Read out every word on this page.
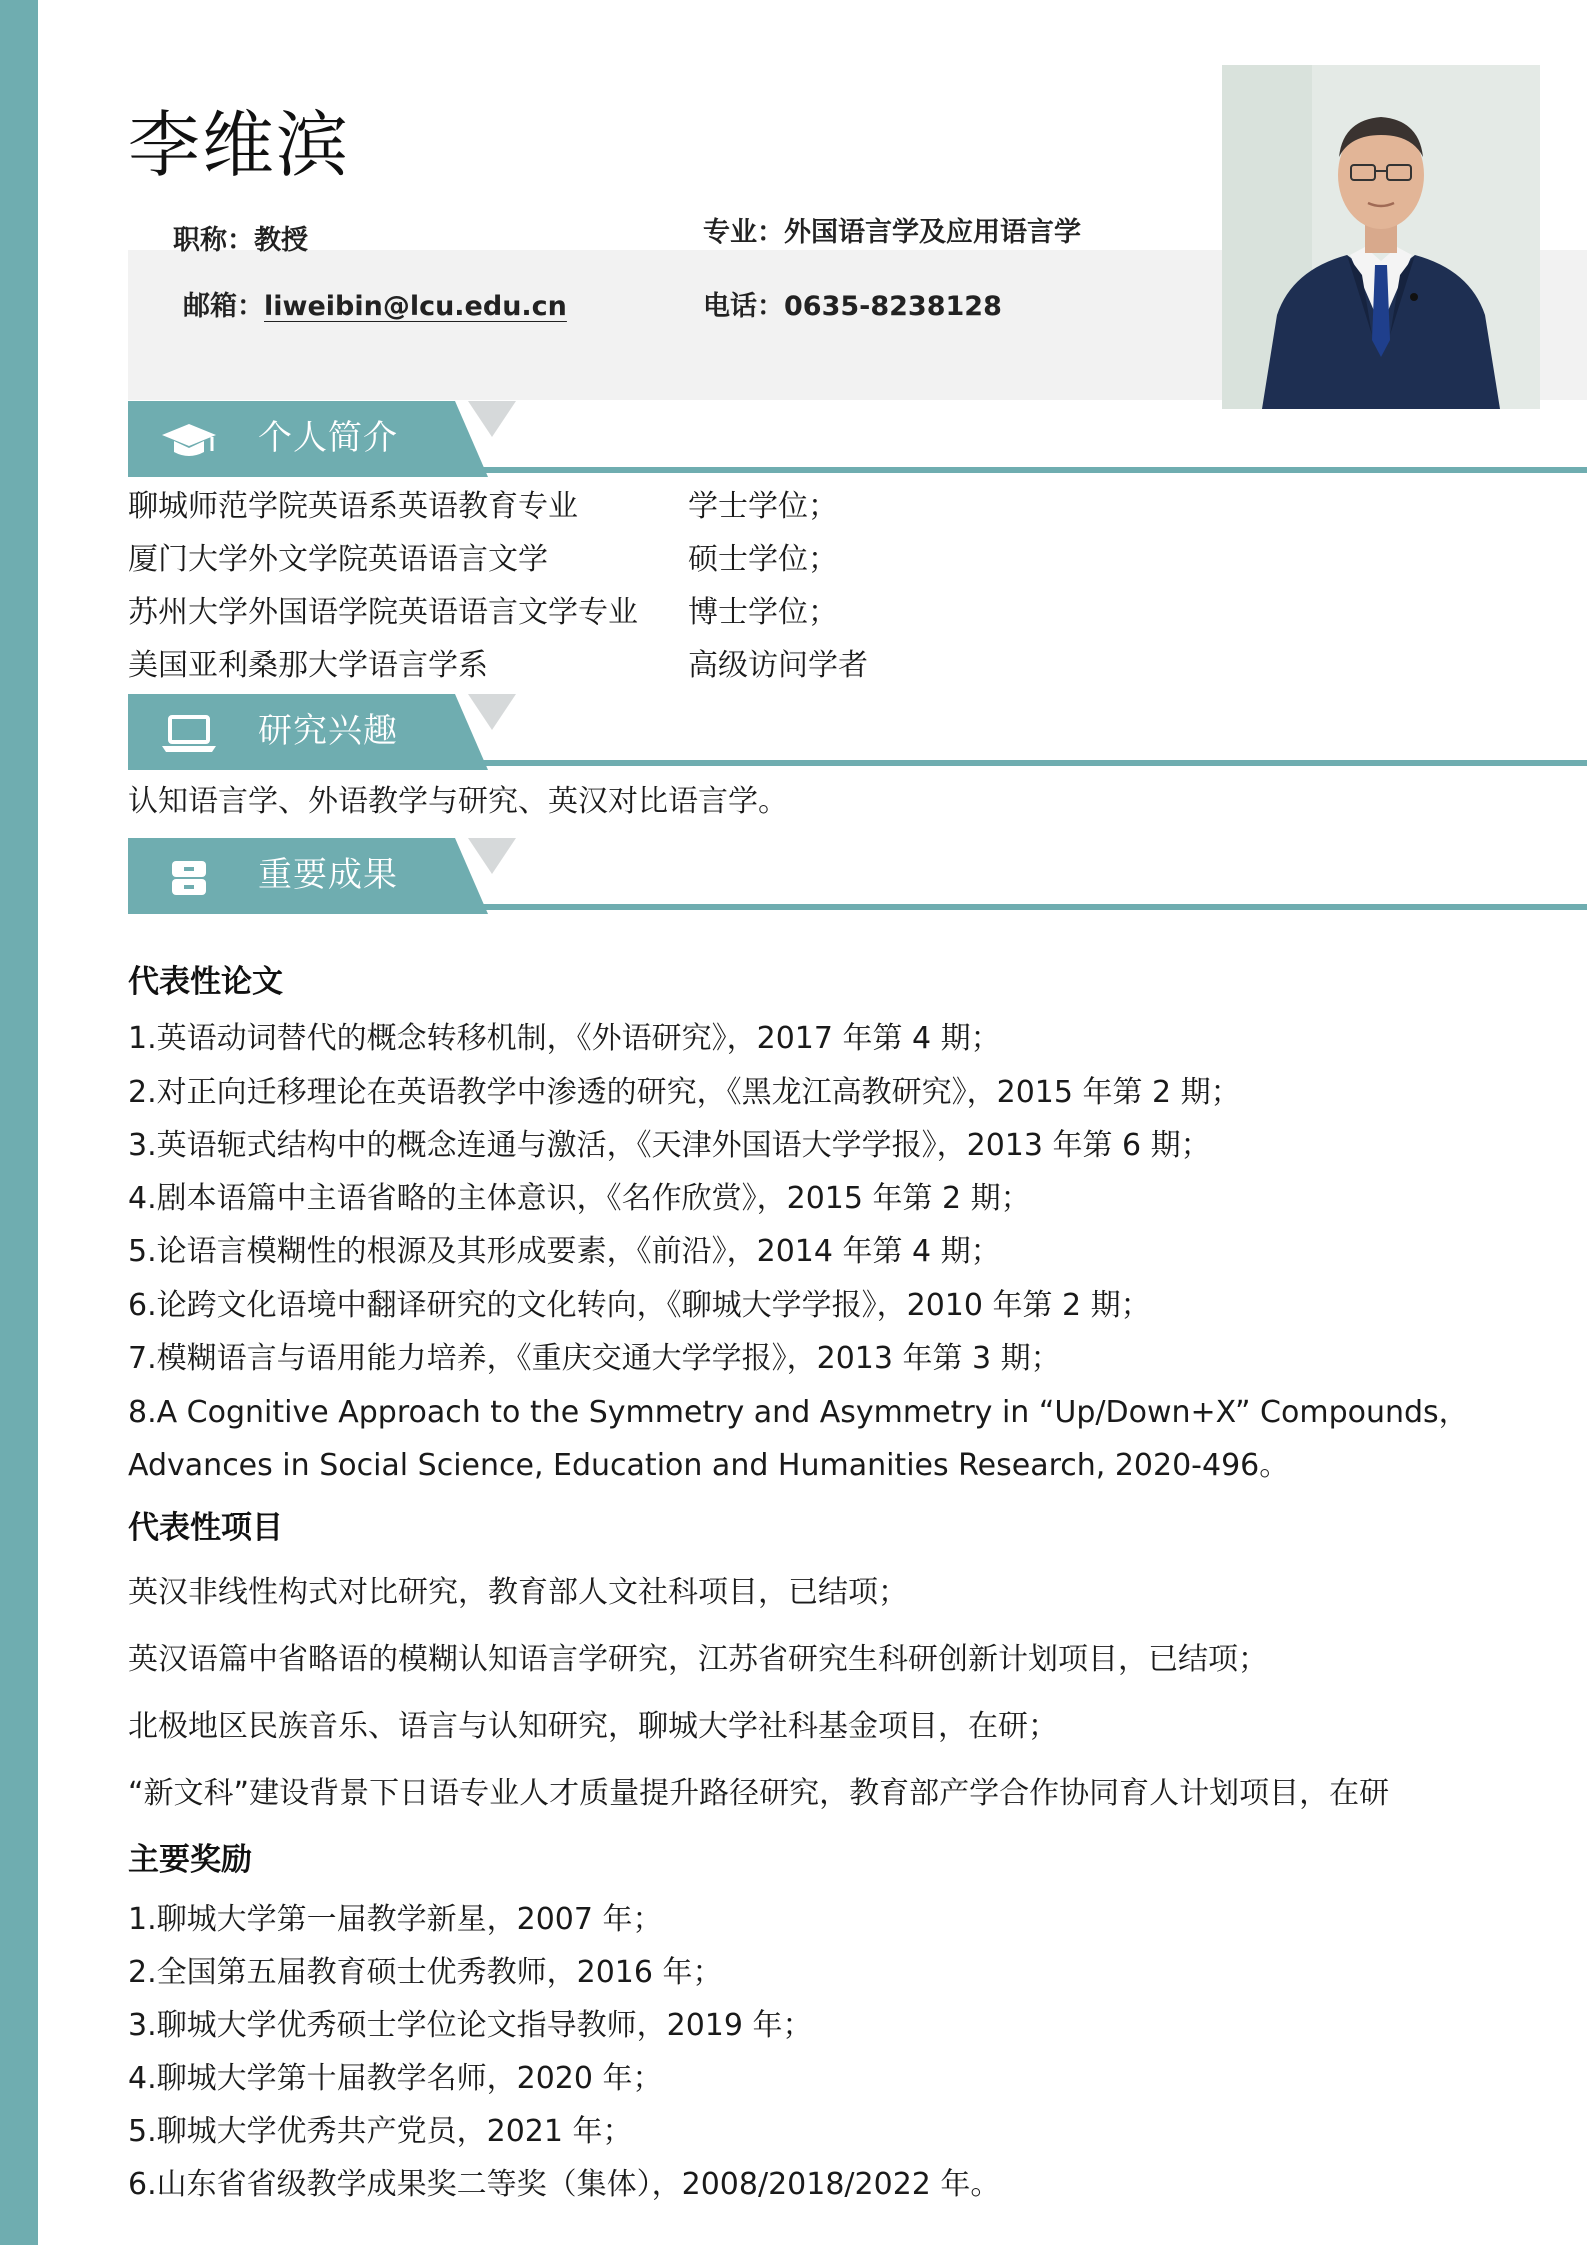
李维滨
职称：教授	专业：外国语言学及应用语言学
邮箱：liweibin@lcu.edu.cn	电话：0635-8238128
个人简介
聊城师范学院英语系英语教育专业	学士学位；
厦门大学外文学院英语语言文学	硕士学位；
苏州大学外国语学院英语语言文学专业 博士学位；
美国亚利桑那大学语言学系	高级访问学者
研究兴趣
认知语言学、外语教学与研究、英汉对比语言学。
重要成果
代表性论文
1.英语动词替代的概念转移机制，《外语研究》，2017 年第 4 期；
2.对正向迁移理论在英语教学中渗透的研究，《黑龙江高教研究》，2015 年第 2 期；
3.英语轭式结构中的概念连通与激活，《天津外国语大学学报》，2013 年第 6 期；
4.剧本语篇中主语省略的主体意识，《名作欣赏》，2015 年第 2 期；
5.论语言模糊性的根源及其形成要素，《前沿》，2014 年第 4 期；
6.论跨文化语境中翻译研究的文化转向，《聊城大学学报》，2010 年第 2 期；
7.模糊语言与语用能力培养，《重庆交通大学学报》，2013 年第 3 期；
8.A Cognitive Approach to the Symmetry and Asymmetry in “Up/Down+X” Compounds，
Advances in Social Science, Education and Humanities Research, 2020-496。
代表性项目
英汉非线性构式对比研究，教育部人文社科项目，已结项；
英汉语篇中省略语的模糊认知语言学研究，江苏省研究生科研创新计划项目，已结项；
北极地区民族音乐、语言与认知研究，聊城大学社科基金项目，在研；
“新文科”建设背景下日语专业人才质量提升路径研究，教育部产学合作协同育人计划项目，在研
主要奖励
1.聊城大学第一届教学新星，2007 年；
2.全国第五届教育硕士优秀教师，2016 年；
3.聊城大学优秀硕士学位论文指导教师，2019 年；
4.聊城大学第十届教学名师，2020 年；
5.聊城大学优秀共产党员，2021 年；
6.山东省省级教学成果奖二等奖（集体），2008/2018/2022 年。
